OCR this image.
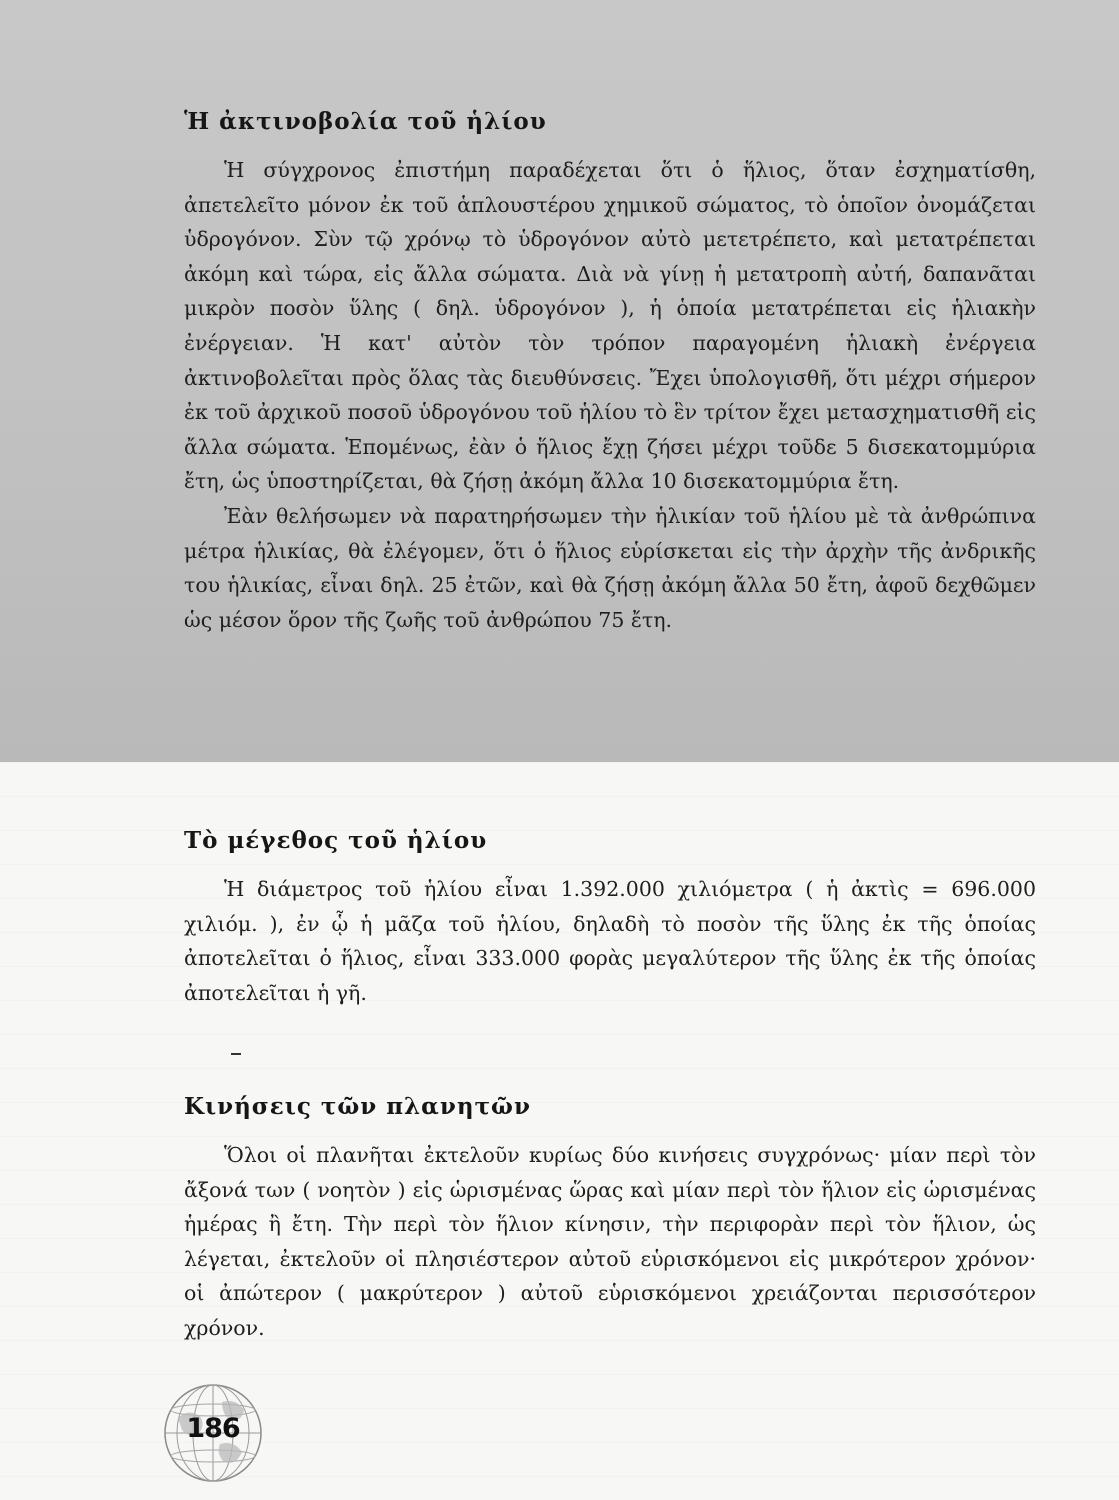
Ἡ ἀκτινοβολία τοῦ ἡλίου

Ἡ σύγχρονος ἐπιστήμη παραδέχεται ὅτι ὁ ἥλιος, ὅταν ἐσχηματίσθη, ἀπετελεῖτο μόνον ἐκ τοῦ ἁπλουστέρου χημικοῦ σώματος, τὸ ὁποῖον ὀνομάζεται ὑδρογόνον. Σὺν τῷ χρόνῳ τὸ ὑδρογόνον αὐτὸ μετετρέπετο, καὶ μετατρέπεται ἀκόμη καὶ τώρα, εἰς ἄλλα σώματα. Διὰ νὰ γίνῃ ἡ μετατροπὴ αὐτή, δαπανᾶται μικρὸν ποσὸν ὕλης ( δηλ. ὑδρογόνον ), ἡ ὁποία μετατρέπεται εἰς ἡλιακὴν ἐνέργειαν. Ἡ κατ' αὐτὸν τὸν τρόπον παραγομένη ἡλιακὴ ἐνέργεια ἀκτινοβολεῖται πρὸς ὅλας τὰς διευθύνσεις. Ἔχει ὑπολογισθῆ, ὅτι μέχρι σήμερον ἐκ τοῦ ἀρχικοῦ ποσοῦ ὑδρογόνου τοῦ ἡλίου τὸ ἓν τρίτον ἔχει μετασχηματισθῆ εἰς ἄλλα σώματα. Ἑπομένως, ἐὰν ὁ ἥλιος ἔχῃ ζήσει μέχρι τοῦδε 5 δισεκατομμύρια ἔτη, ὡς ὑποστηρίζεται, θὰ ζήσῃ ἀκόμη ἄλλα 10 δισεκατομμύρια ἔτη.

Ἐὰν θελήσωμεν νὰ παρατηρήσωμεν τὴν ἡλικίαν τοῦ ἡλίου μὲ τὰ ἀνθρώπινα μέτρα ἡλικίας, θὰ ἐλέγομεν, ὅτι ὁ ἥλιος εὑρίσκεται εἰς τὴν ἀρχὴν τῆς ἀνδρικῆς του ἡλικίας, εἶναι δηλ. 25 ἐτῶν, καὶ θὰ ζήσῃ ἀκόμη ἄλλα 50 ἔτη, ἀφοῦ δεχθῶμεν ὡς μέσον ὅρον τῆς ζωῆς τοῦ ἀνθρώπου 75 ἔτη.

Τὸ μέγεθος τοῦ ἡλίου

Ἡ διάμετρος τοῦ ἡλίου εἶναι 1.392.000 χιλιόμετρα ( ἡ ἀκτὶς = 696.000 χιλιόμ. ), ἐν ᾧ ἡ μᾶζα τοῦ ἡλίου, δηλαδὴ τὸ ποσὸν τῆς ὕλης ἐκ τῆς ὁποίας ἀποτελεῖται ὁ ἥλιος, εἶναι 333.000 φορὰς μεγαλύτερον τῆς ὕλης ἐκ τῆς ὁποίας ἀποτελεῖται ἡ γῆ.

Κινήσεις τῶν πλανητῶν

Ὅλοι οἱ πλανῆται ἐκτελοῦν κυρίως δύο κινήσεις συγχρόνως· μίαν περὶ τὸν ἄξονά των ( νοητὸν ) εἰς ὡρισμένας ὥρας καὶ μίαν περὶ τὸν ἥλιον εἰς ὡρισμένας ἡμέρας ἢ ἔτη. Τὴν περὶ τὸν ἥλιον κίνησιν, τὴν περιφορὰν περὶ τὸν ἥλιον, ὡς λέγεται, ἐκτελοῦν οἱ πλησιέστερον αὐτοῦ εὑρισκόμενοι εἰς μικρότερον χρόνον· οἱ ἀπώτερον ( μακρύτερον ) αὐτοῦ εὑρισκόμενοι χρειάζονται περισσότερον χρόνον.

186
